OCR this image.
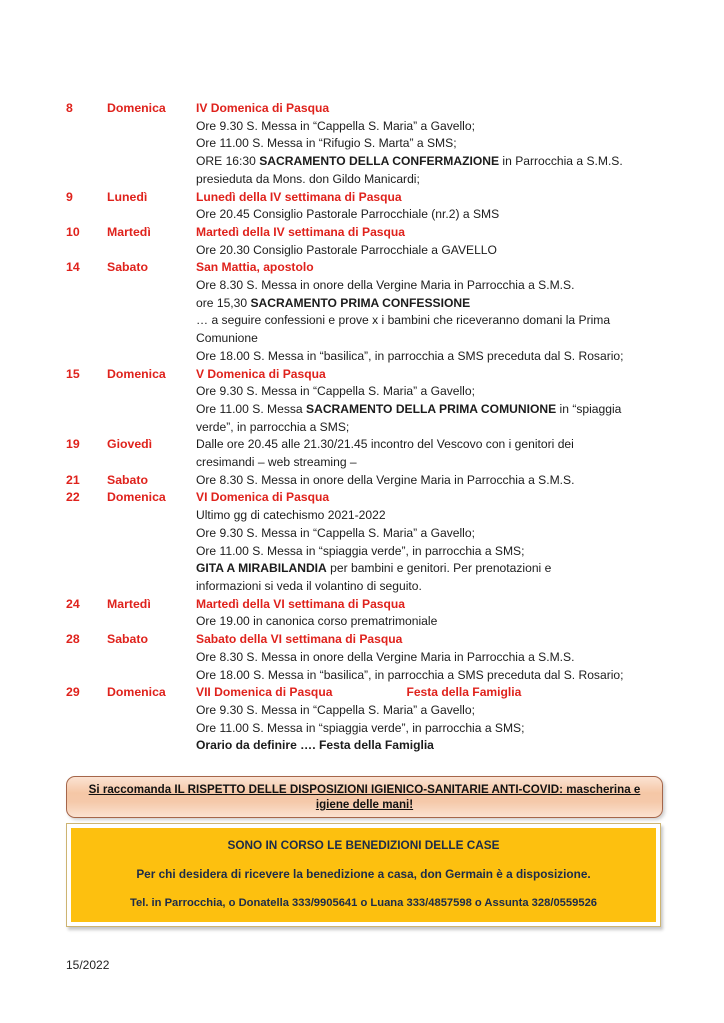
8	Domenica	IV Domenica di Pasqua
Ore 9.30 S. Messa in “Cappella S. Maria” a Gavello;
Ore 11.00 S. Messa in “Rifugio S. Marta” a SMS;
ORE 16:30 SACRAMENTO DELLA CONFERMAZIONE in Parrocchia a S.M.S.
presieduta da Mons. don Gildo Manicardi;
9	Lunedì	Lunedì della IV settimana di Pasqua
Ore 20.45 Consiglio Pastorale Parrocchiale (nr.2) a SMS
10	Martedì	Martedì della IV settimana di Pasqua
Ore 20.30 Consiglio Pastorale Parrocchiale a GAVELLO
14	Sabato	San Mattia, apostolo
Ore 8.30 S. Messa in onore della Vergine Maria in Parrocchia a S.M.S.
ore 15,30 SACRAMENTO PRIMA CONFESSIONE
… a seguire confessioni e prove x i bambini che riceveranno domani la Prima
Comunione
Ore 18.00 S. Messa in “basilica”, in parrocchia a SMS preceduta dal S. Rosario;
15	Domenica	V Domenica di Pasqua
Ore 9.30 S. Messa in “Cappella S. Maria” a Gavello;
Ore 11.00 S. Messa SACRAMENTO DELLA PRIMA COMUNIONE in “spiaggia
verde”, in parrocchia a SMS;
19	Giovedì	Dalle ore 20.45 alle 21.30/21.45 incontro del Vescovo con i genitori dei
cresimandi – web streaming –
21	Sabato	Ore 8.30 S. Messa in onore della Vergine Maria in Parrocchia a S.M.S.
22	Domenica	VI Domenica di Pasqua
Ultimo gg di catechismo 2021-2022
Ore 9.30 S. Messa in “Cappella S. Maria” a Gavello;
Ore 11.00 S. Messa in “spiaggia verde”, in parrocchia a SMS;
GITA A MIRABILANDIA per bambini e genitori. Per prenotazioni e
informazioni si veda il volantino di seguito.
24	Martedì	Martedì della VI settimana di Pasqua
Ore 19.00 in canonica corso prematrimoniale
28	Sabato	Sabato della VI settimana di Pasqua
Ore 8.30 S. Messa in onore della Vergine Maria in Parrocchia a S.M.S.
Ore 18.00 S. Messa in “basilica”, in parrocchia a SMS preceduta dal S. Rosario;
29	Domenica	VII Domenica di Pasqua	Festa della Famiglia
Ore 9.30 S. Messa in “Cappella S. Maria” a Gavello;
Ore 11.00 S. Messa in “spiaggia verde”, in parrocchia a SMS;
Orario da definire …. Festa della Famiglia

Si raccomanda IL RISPETTO DELLE DISPOSIZIONI IGIENICO-SANITARIE ANTI-COVID: mascherina e igiene delle mani!

SONO IN CORSO LE BENEDIZIONI DELLE CASE

Per chi desidera di ricevere la benedizione a casa, don Germain è a disposizione.

Tel. in Parrocchia, o Donatella 333/9905641 o Luana 333/4857598 o Assunta 328/0559526

15/2022
